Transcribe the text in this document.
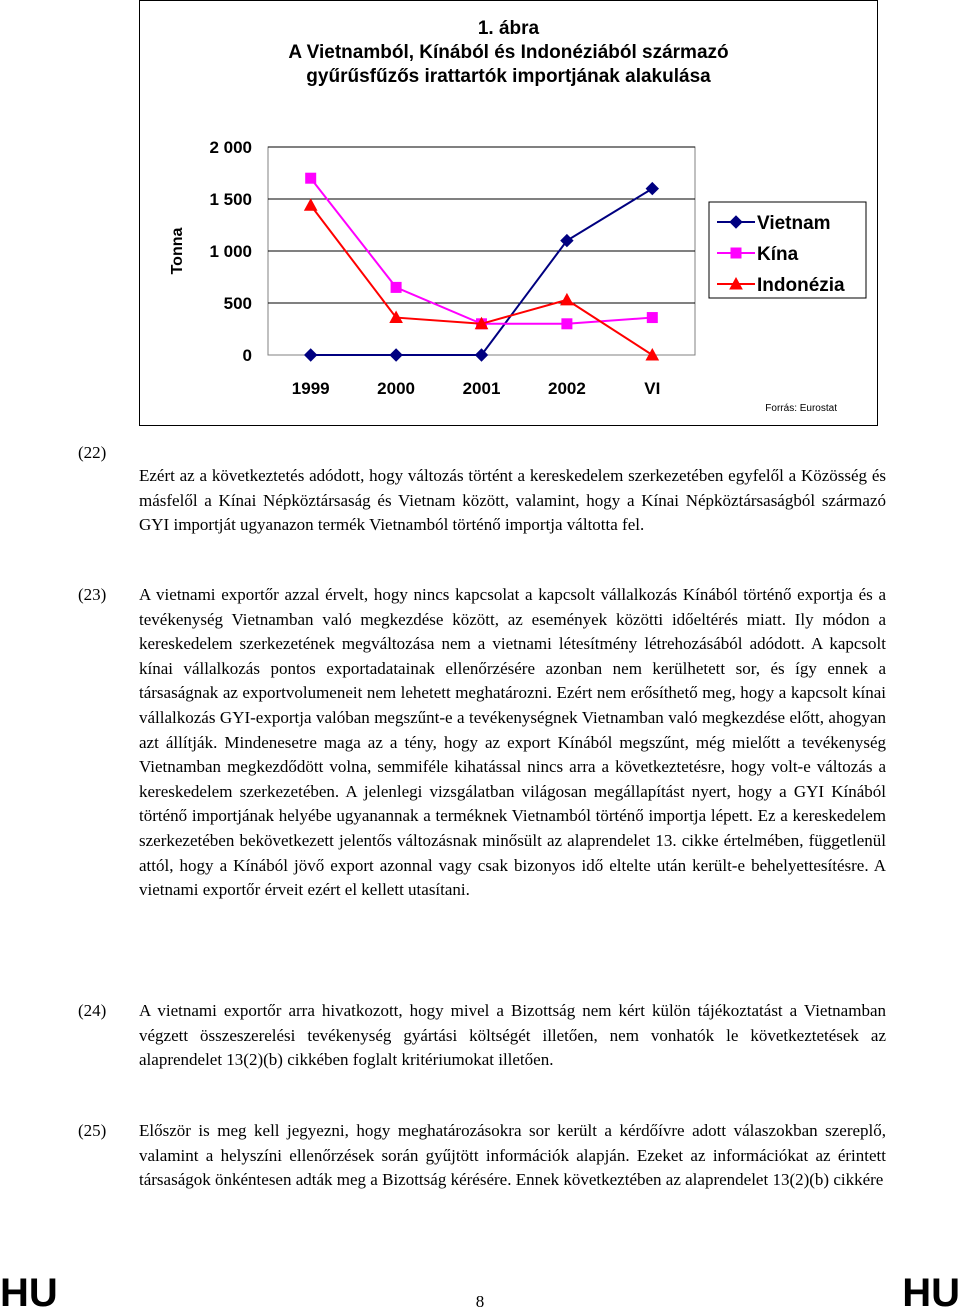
1. ábra
A Vietnamból, Kínából és Indonéziából származó
gyűrűsfűzős irattartók importjának alakulása
0
500
1 000
1 500
2 000
Tonna
1999	2000	2001	2002	VI
Vietnam
Kína
Indonézia
Forrás: Eurostat
(22)
Ezért az a következtetés adódott, hogy változás történt a kereskedelem szerkezetében egyfelől a Közösség és másfelől a Kínai Népköztársaság és Vietnam között, valamint, hogy a Kínai Népköztársaságból származó GYI importját ugyanazon termék Vietnamból történő importja váltotta fel.
(23)	A vietnami exportőr azzal érvelt, hogy nincs kapcsolat a kapcsolt vállalkozás Kínából történő exportja és a tevékenység Vietnamban való megkezdése között, az események közötti időeltérés miatt. Ily módon a kereskedelem szerkezetének megváltozása nem a vietnami létesítmény létrehozásából adódott. A kapcsolt kínai vállalkozás pontos exportadatainak ellenőrzésére azonban nem kerülhetett sor, és így ennek a társaságnak az exportvolumeneit nem lehetett meghatározni. Ezért nem erősíthető meg, hogy a kapcsolt kínai vállalkozás GYI-exportja valóban megszűnt-e a tevékenységnek Vietnamban való megkezdése előtt, ahogyan azt állítják. Mindenesetre maga az a tény, hogy az export Kínából megszűnt, még mielőtt a tevékenység Vietnamban megkezdődött volna, semmiféle kihatással nincs arra a következtetésre, hogy volt-e változás a kereskedelem szerkezetében. A jelenlegi vizsgálatban világosan megállapítást nyert, hogy a GYI Kínából történő importjának helyébe ugyanannak a terméknek Vietnamból történő importja lépett. Ez a kereskedelem szerkezetében bekövetkezett jelentős változásnak minősült az alaprendelet 13. cikke értelmében, függetlenül attól, hogy a Kínából jövő export azonnal vagy csak bizonyos idő eltelte után került-e behelyettesítésre. A vietnami exportőr érveit ezért el kellett utasítani.
(24)	A vietnami exportőr arra hivatkozott, hogy mivel a Bizottság nem kért külön tájékoztatást a Vietnamban végzett összeszerelési tevékenység gyártási költségét illetően, nem vonhatók le következtetések az alaprendelet 13(2)(b) cikkében foglalt kritériumokat illetően.
(25)	Először is meg kell jegyezni, hogy meghatározásokra sor került a kérdőívre adott válaszokban szereplő, valamint a helyszíni ellenőrzések során gyűjtött információk alapján. Ezeket az információkat az érintett társaságok önkéntesen adták meg a Bizottság kérésére. Ennek következtében az alaprendelet 13(2)(b) cikkére
HU	HU
8
